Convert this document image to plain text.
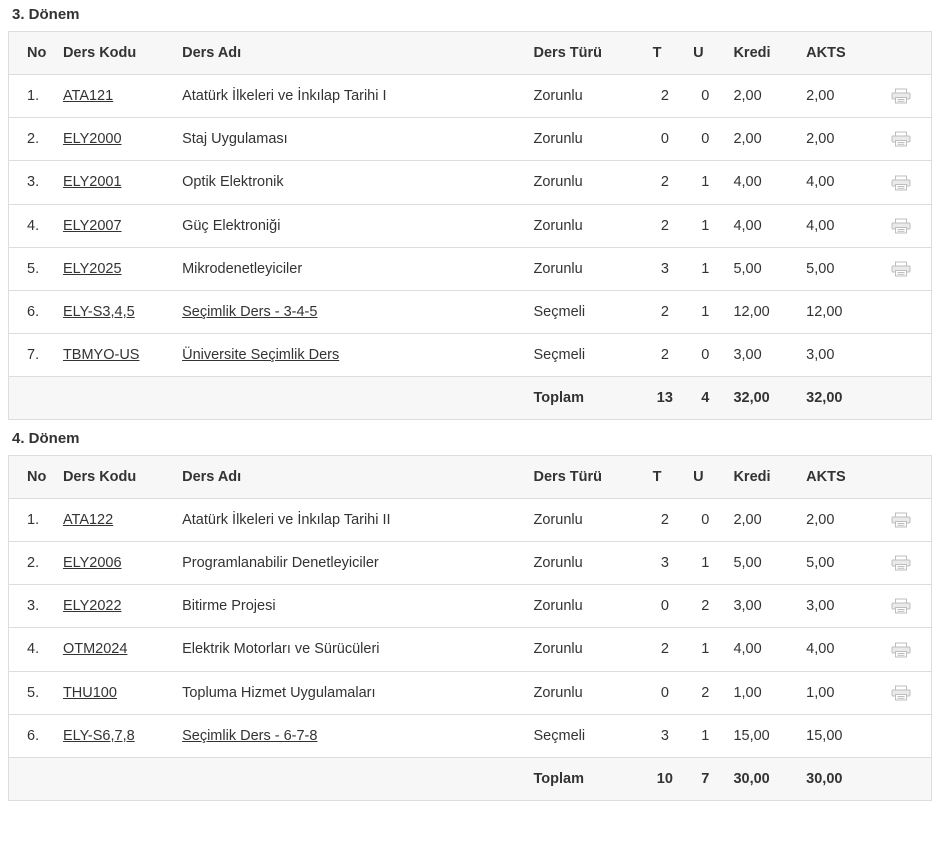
3. Dönem
No	Ders Kodu	Ders Adı	Ders Türü	T	U	Kredi	AKTS	
1.	ATA121	Atatürk İlkeleri ve İnkılap Tarihi I	Zorunlu	2	0	2,00	2,00	

2.	ELY2000	Staj Uygulaması	Zorunlu	0	0	2,00	2,00	

3.	ELY2001	Optik Elektronik	Zorunlu	2	1	4,00	4,00	

4.	ELY2007	Güç Elektroniği	Zorunlu	2	1	4,00	4,00	

5.	ELY2025	Mikrodenetleyiciler	Zorunlu	3	1	5,00	5,00	

6.	ELY-S3,4,5	Seçimlik Ders - 3-4-5	Seçmeli	2	1	12,00	12,00	
7.	TBMYO-US	Üniversite Seçimlik Ders	Seçmeli	2	0	3,00	3,00	
			Toplam	13	4	32,00	32,00	
4. Dönem
No	Ders Kodu	Ders Adı	Ders Türü	T	U	Kredi	AKTS	
1.	ATA122	Atatürk İlkeleri ve İnkılap Tarihi II	Zorunlu	2	0	2,00	2,00	

2.	ELY2006	Programlanabilir Denetleyiciler	Zorunlu	3	1	5,00	5,00	

3.	ELY2022	Bitirme Projesi	Zorunlu	0	2	3,00	3,00	

4.	OTM2024	Elektrik Motorları ve Sürücüleri	Zorunlu	2	1	4,00	4,00	

5.	THU100	Topluma Hizmet Uygulamaları	Zorunlu	0	2	1,00	1,00	

6.	ELY-S6,7,8	Seçimlik Ders - 6-7-8	Seçmeli	3	1	15,00	15,00	
			Toplam	10	7	30,00	30,00	
